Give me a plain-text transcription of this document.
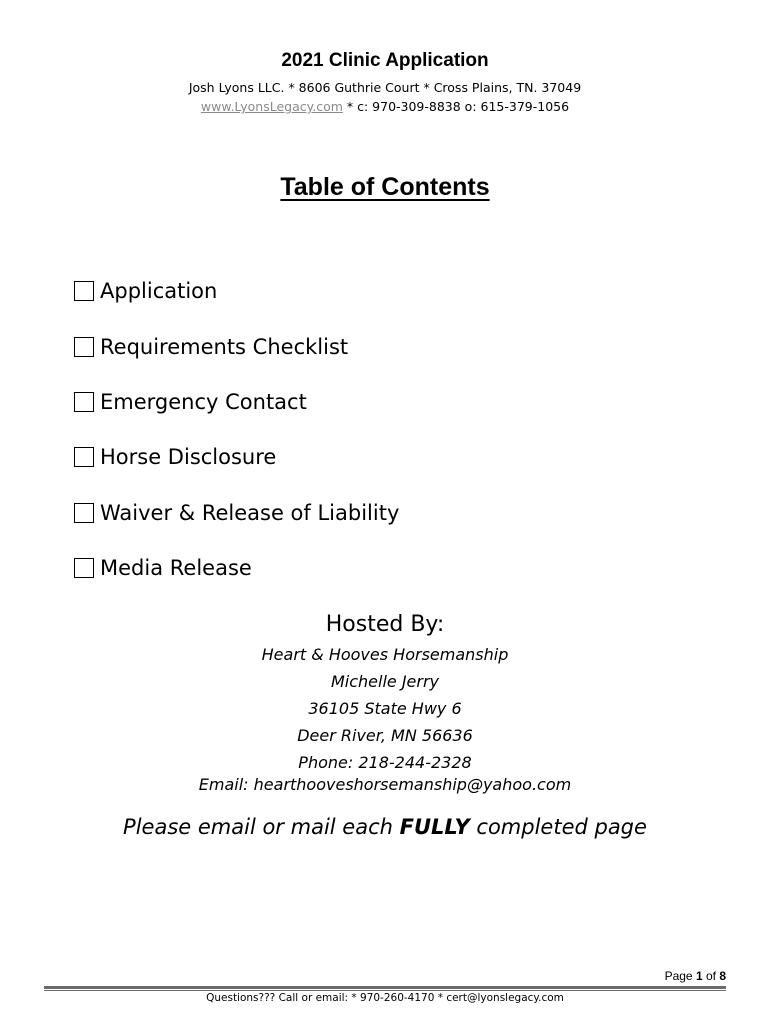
2021 Clinic Application
Josh Lyons LLC. * 8606 Guthrie Court * Cross Plains, TN. 37049
www.LyonsLegacy.com * c: 970-309-8838 o: 615-379-1056
Table of Contents
Application
Requirements Checklist
Emergency Contact
Horse Disclosure
Waiver & Release of Liability
Media Release
Hosted By:
Heart & Hooves Horsemanship
Michelle Jerry
36105 State Hwy 6
Deer River, MN 56636
Phone: 218-244-2328
Email: hearthooveshorsemanship@yahoo.com
Please email or mail each FULLY completed page
Page 1 of 8
Questions??? Call or email: * 970-260-4170 * cert@lyonslegacy.com
